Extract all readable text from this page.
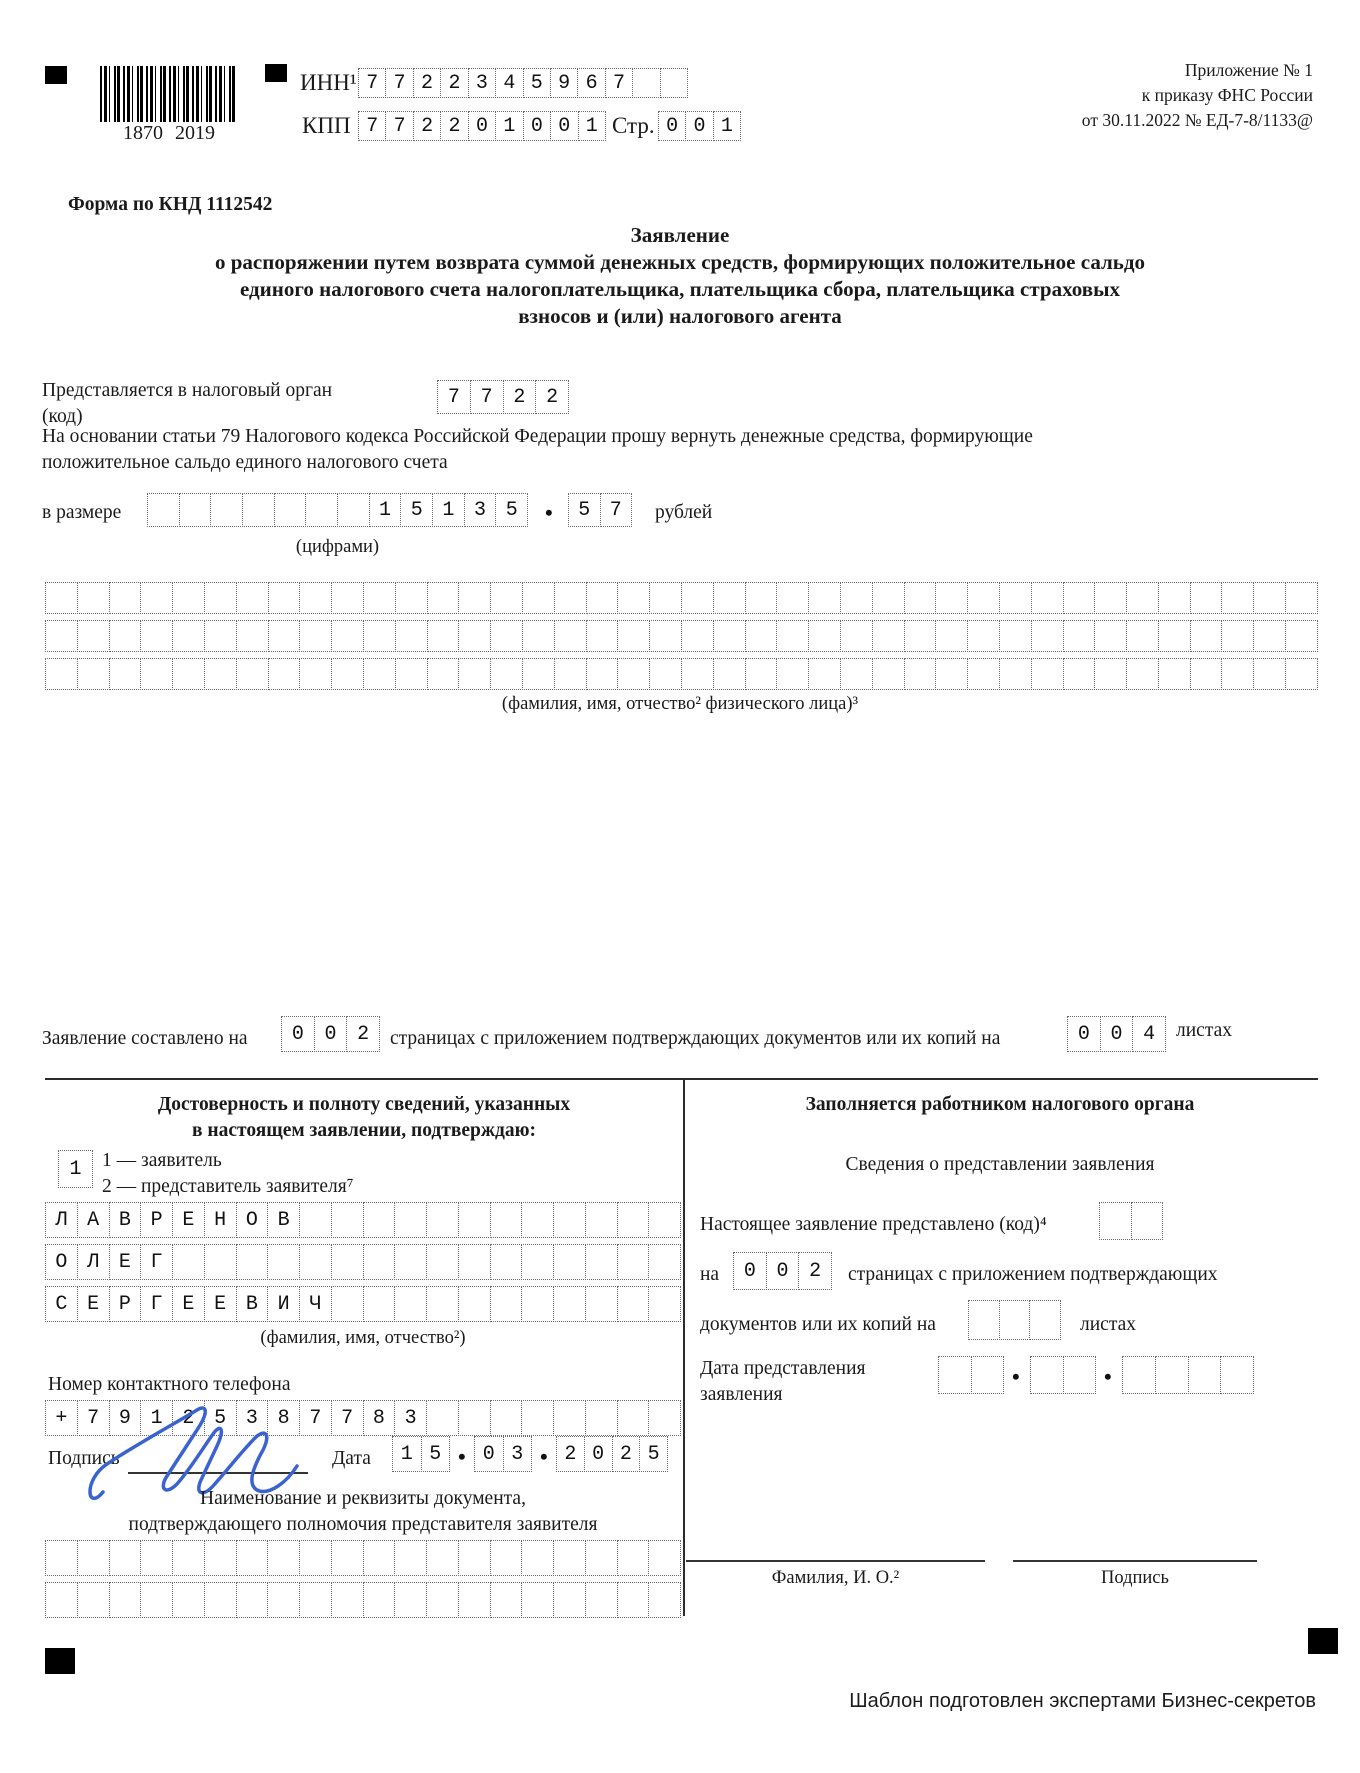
1870 2019
ИНН¹ 7 7 2 2 3 4 5 9 6 7
КПП 7 7 2 2 0 1 0 0 1 Стр. 0 0 1
Приложение № 1
к приказу ФНС России
от 30.11.2022 № ЕД-7-8/1133@
Форма по КНД 1112542
Заявление
о распоряжении путем возврата суммой денежных средств, формирующих положительное сальдо
единого налогового счета налогоплательщика, плательщика сбора, плательщика страховых
взносов и (или) налогового агента
Представляется в налоговый орган
(код)
7	7	2	2
На основании статьи 79 Налогового кодекса Российской Федерации прошу вернуть денежные средства, формирующие положительное сальдо единого налогового счета
в размере	1 5 1 3 5	•	5 7	рублей
(цифрами)
(фамилия, имя, отчество² физического лица)³
Заявление составлено на	0	0	2	страницах с приложением подтверждающих документов или их копий на	0	0	4	листах
Достоверность и полноту сведений, указанных
в настоящем заявлении, подтверждаю:
1	1 — заявитель
2 — представитель заявителя⁷
Л А В Р Е Н О В
О Л Е Г
С Е Р Г Е Е В И Ч
(фамилия, имя, отчество²)
Номер контактного телефона
+ 7 9 1 2 5 3 8 7 7 8 3
Подпись	Дата	1 5 • 0 3 • 2 0 2 5
Наименование и реквизиты документа,
подтверждающего полномочия представителя заявителя
Заполняется работником налогового органа
Сведения о представлении заявления
Настоящее заявление представлено (код)⁴
на	0	0	2	страницах с приложением подтверждающих
документов или их копий на	листах
Дата представления
заявления
•	•
Фамилия, И. О.²	Подпись
Шаблон подготовлен экспертами Бизнес-секретов
